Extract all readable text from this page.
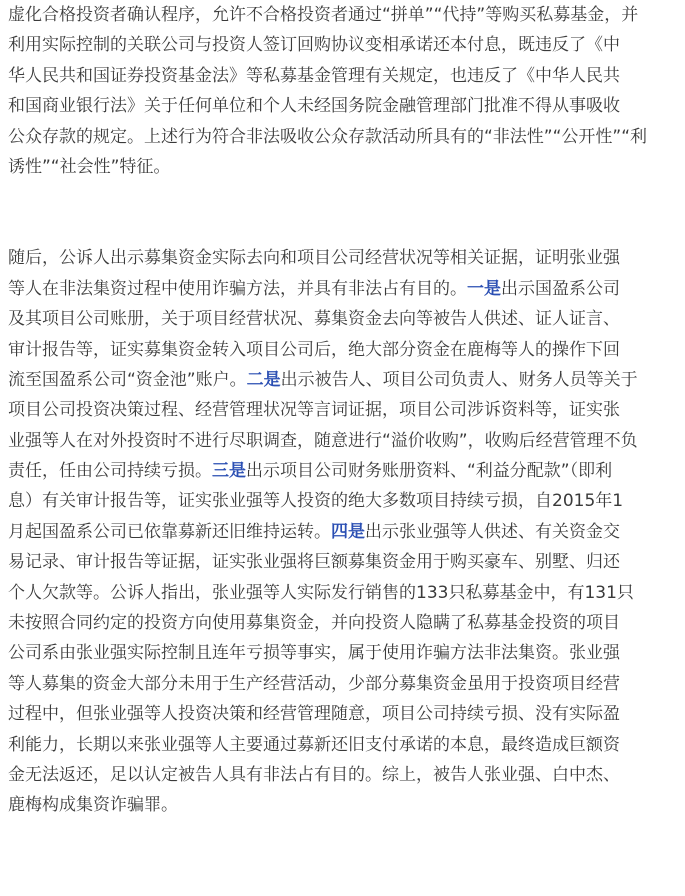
虚化合格投资者确认程序，允许不合格投资者通过“拼单”“代持”等购买私募基金，并
利用实际控制的关联公司与投资人签订回购协议变相承诺还本付息，既违反了《中
华人民共和国证券投资基金法》等私募基金管理有关规定，也违反了《中华人民共
和国商业银行法》关于任何单位和个人未经国务院金融管理部门批准不得从事吸收
公众存款的规定。上述行为符合非法吸收公众存款活动所具有的“非法性”“公开性”“利
诱性”“社会性”特征。
随后，公诉人出示募集资金实际去向和项目公司经营状况等相关证据，证明张业强
等人在非法集资过程中使用诈骗方法，并具有非法占有目的。一是出示国盈系公司
及其项目公司账册，关于项目经营状况、募集资金去向等被告人供述、证人证言、
审计报告等，证实募集资金转入项目公司后，绝大部分资金在鹿梅等人的操作下回
流至国盈系公司“资金池”账户。二是出示被告人、项目公司负责人、财务人员等关于
项目公司投资决策过程、经营管理状况等言词证据，项目公司涉诉资料等，证实张
业强等人在对外投资时不进行尽职调查，随意进行“溢价收购”，收购后经营管理不负
责任，任由公司持续亏损。三是出示项目公司财务账册资料、“利益分配款”（即利
息）有关审计报告等，证实张业强等人投资的绝大多数项目持续亏损，自2015年1
月起国盈系公司已依靠募新还旧维持运转。四是出示张业强等人供述、有关资金交
易记录、审计报告等证据，证实张业强将巨额募集资金用于购买豪车、别墅、归还
个人欠款等。公诉人指出，张业强等人实际发行销售的133只私募基金中，有131只
未按照合同约定的投资方向使用募集资金，并向投资人隐瞒了私募基金投资的项目
公司系由张业强实际控制且连年亏损等事实，属于使用诈骗方法非法集资。张业强
等人募集的资金大部分未用于生产经营活动，少部分募集资金虽用于投资项目经营
过程中，但张业强等人投资决策和经营管理随意，项目公司持续亏损、没有实际盈
利能力，长期以来张业强等人主要通过募新还旧支付承诺的本息，最终造成巨额资
金无法返还，足以认定被告人具有非法占有目的。综上，被告人张业强、白中杰、
鹿梅构成集资诈骗罪。
